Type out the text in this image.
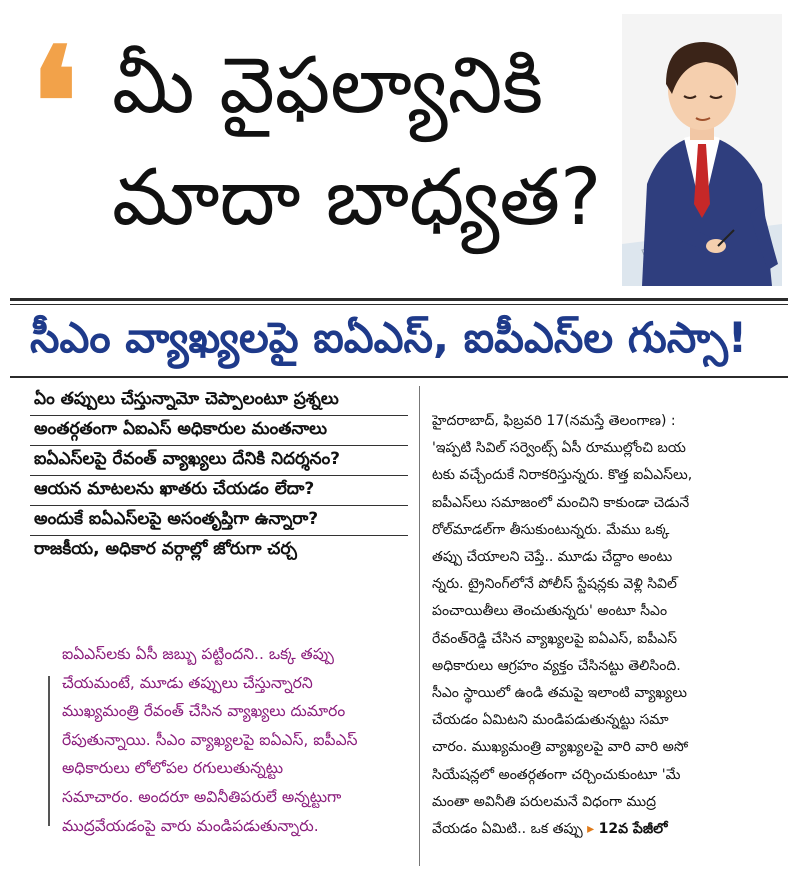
❛ మీ వైఫల్యానికి
మాదా బాధ్యత?
సీఎం వ్యాఖ్యలపై ఐఏఎస్‌, ఐపీఎస్‌ల గుస్సా!
ఏం తప్పులు చేస్తున్నామో చెప్పాలంటూ ప్రశ్నలు
అంతర్గతంగా ఏఐఎస్‌ అధికారుల మంతనాలు
ఐఏఎస్‌లపై రేవంత్‌ వ్యాఖ్యలు దేనికి నిదర్శనం?
ఆయన మాటలను ఖాతరు చేయడం లేదా?
అందుకే ఐఏఎస్‌లపై అసంతృప్తిగా ఉన్నారా?
రాజకీయ, అధికార వర్గాల్లో జోరుగా చర్చ
ఐఏఎస్‌లకు ఏసీ జబ్బు పట్టిందని.. ఒక్క తప్పు
చేయమంటే, మూడు తప్పులు చేస్తున్నారని
ముఖ్యమంత్రి రేవంత్‌ చేసిన వ్యాఖ్యలు దుమారం
రేపుతున్నాయి. సీఎం వ్యాఖ్యలపై ఐఏఎస్‌, ఐపీఎస్‌
అధికారులు లోలోపల రగులుతున్నట్టు
సమాచారం. అందరూ అవినీతిపరులే అన్నట్టుగా
ముద్రవేయడంపై వారు మండిపడుతున్నారు.
హైదరాబాద్‌, ఫిబ్రవరి 17(నమస్తే తెలంగాణ) :
'ఇప్పటి సివిల్‌ సర్వెంట్స్‌ ఏసీ రూముల్లోంచి బయ
టకు వచ్చేందుకే నిరాకరిస్తున్నరు. కొత్త ఐఏఎస్‌లు,
ఐపీఎస్‌లు సమాజంలో మంచిని కాకుండా చెడునే
రోల్‌మాడల్‌గా తీసుకుంటున్నరు. మేము ఒక్క
తప్పు చేయాలని చెప్తే.. మూడు చేద్దాం అంటు
న్నరు. ట్రైనింగ్‌లోనే పోలీస్‌ స్టేషన్లకు వెళ్లి సివిల్‌
పంచాయితీలు తెంచుతున్నరు' అంటూ సీఎం
రేవంత్‌రెడ్డి చేసిన వ్యాఖ్యలపై ఐఏఎస్‌, ఐపీఎస్‌
అధికారులు ఆగ్రహం వ్యక్తం చేసినట్టు తెలిసింది.
సీఎం స్థాయిలో ఉండి తమపై ఇలాంటి వ్యాఖ్యలు
చేయడం ఏమిటని మండిపడుతున్నట్టు సమా
చారం. ముఖ్యమంత్రి వ్యాఖ్యలపై వారి వారి అసో
సియేషన్లలో అంతర్గతంగా చర్చించుకుంటూ 'మే
మంతా అవినీతి పరులమనే విధంగా ముద్ర
వేయడం ఏమిటి.. ఒక తప్పు ▸ 12వ పేజీలో
